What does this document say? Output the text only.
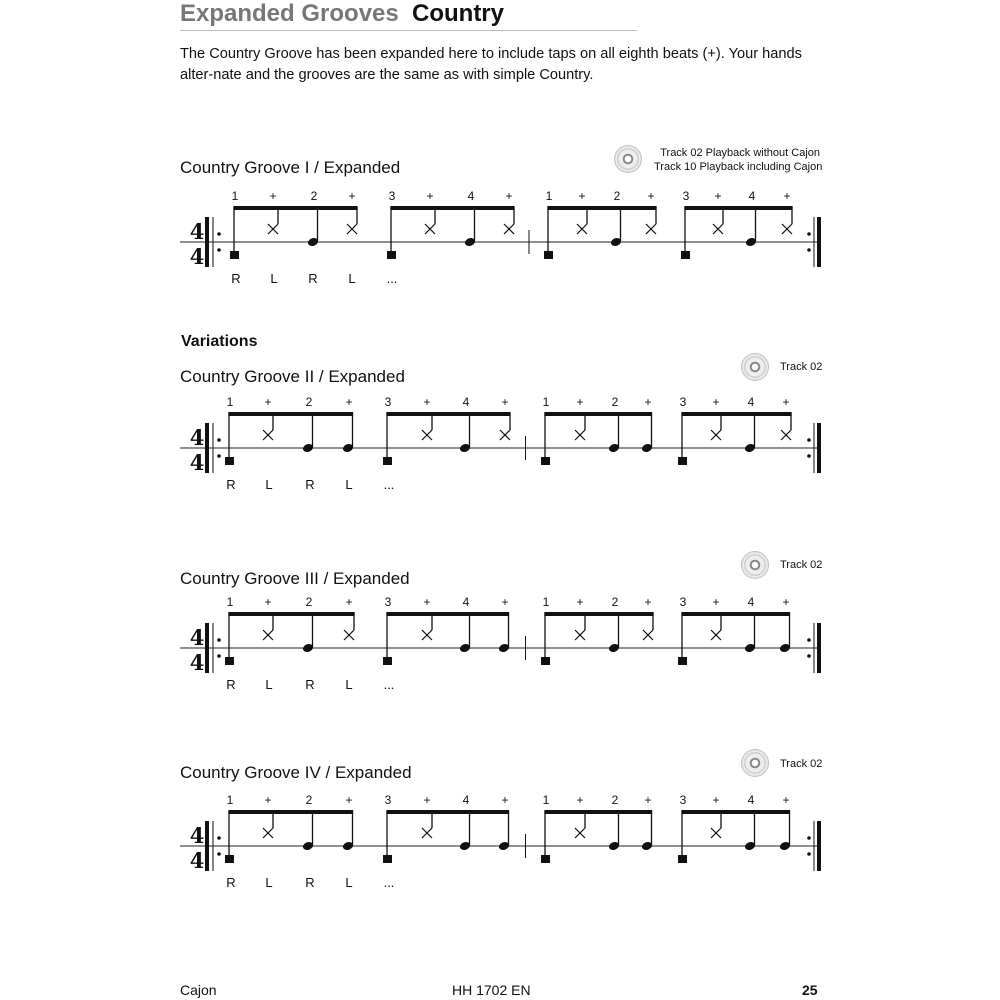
Expanded Grooves Country
The Country Groove has been expanded here to include taps on all eighth beats (+). Your hands alter-nate and the grooves are the same as with simple Country.
Country Groove I / Expanded
Track 02 Playback without Cajon
Track 10 Playback including Cajon
Variations
Country Groove II / Expanded	Track 02
Country Groove III / Expanded
Track 02
Country Groove IV / Expanded	Track 02
4
4
1	+	2	+	3	+	4	+	1 + 2 + 3 + 4 +
R L R L ...
4
4
1	+	2	+	3	+	4	+	1 + 2 + 3 + 4 +
R L	R L ...
4
4
1	+	2	+	3	+	4	+	1 + 2 + 3 + 4 +
R L	R L ...
4
4
1	+	2	+	3	+	4	+	1 + 2 + 3 + 4 +
R L	R L ...
Cajon	HH 1702 EN	25
